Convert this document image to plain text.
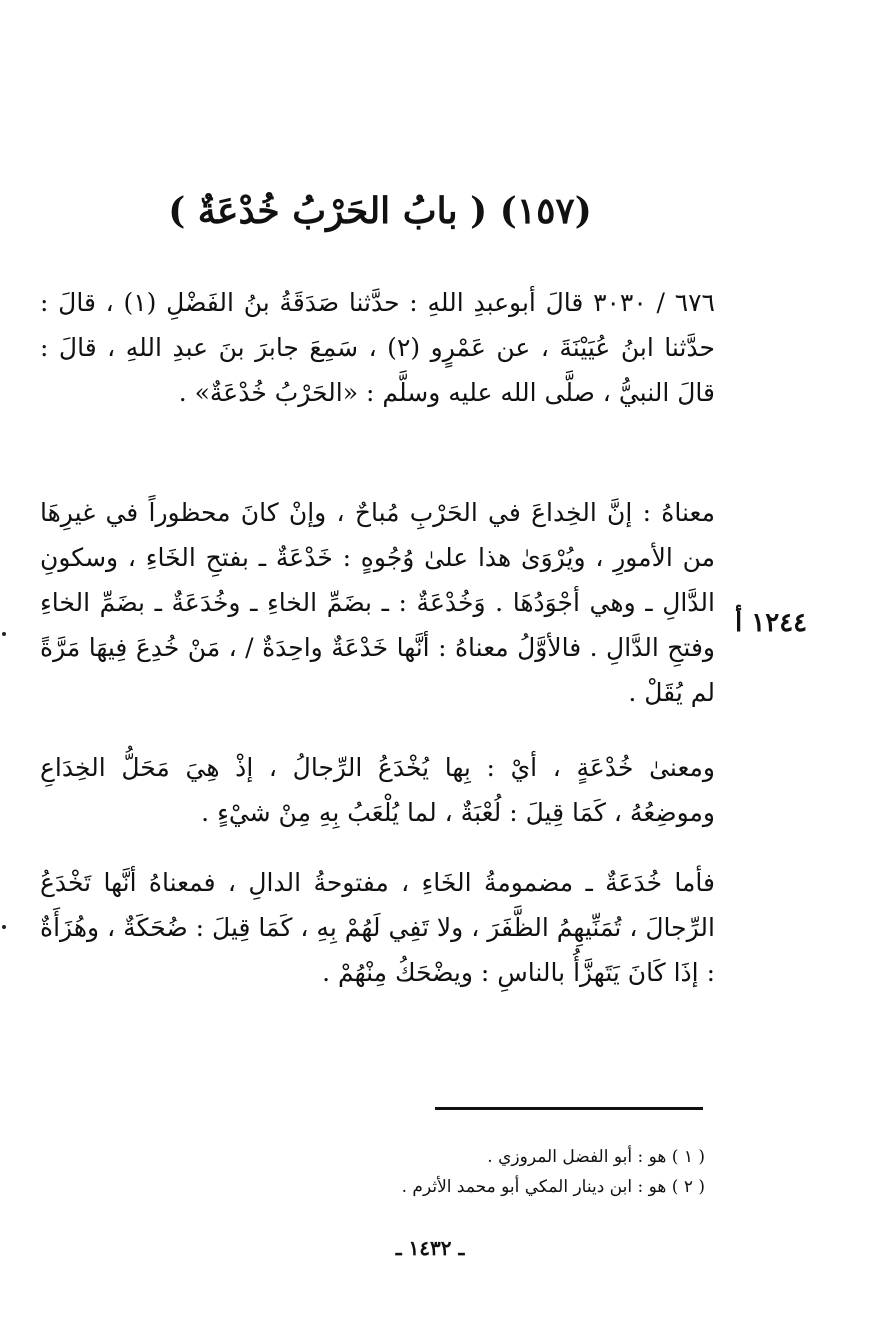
(١٥٧) ( بابُ الحَرْبُ خُدْعَةٌ )

٦٧٦ / ٣٠٣٠ قالَ أبوعبدِ اللهِ : حدَّثنا صَدَقَةُ بنُ الفَضْلِ (١) ، قالَ : حدَّثنا ابنُ عُيَيْنَةَ ، عن عَمْرٍو (٢) ، سَمِعَ جابرَ بنَ عبدِ اللهِ ، قالَ : قالَ النبيُّ ، صلَّى الله عليه وسلَّم : «الحَرْبُ خُدْعَةٌ» .

معناهُ : إنَّ الخِداعَ في الحَرْبِ مُباحٌ ، وإنْ كانَ محظوراً في غيرِهَا من الأمورِ ، ويُرْوَىٰ هذا علىٰ وُجُوهٍ : خَدْعَةٌ ـ بفتحِ الخَاءِ ، وسكونِ الدَّالِ ـ وهي أجْوَدُهَا . وَخُدْعَةٌ : ـ بضَمِّ الخاءِ ـ وخُدَعَةٌ ـ بضَمِّ الخاءِ وفتحِ الدَّالِ . فالأوَّلُ معناهُ : أنَّها خَدْعَةٌ واحِدَةٌ / ، مَنْ خُدِعَ فِيهَا مَرَّةً لم يُقَلْ .

ومعنىٰ خُدْعَةٍ ، أيْ : بِها يُخْدَعُ الرِّجالُ ، إذْ هِيَ مَحَلُّ الخِدَاعِ وموضِعُهُ ، كَمَا قِيلَ : لُعْبَةٌ ، لما يُلْعَبُ بِهِ مِنْ شيْءٍ .

فأما خُدَعَةٌ ـ مضمومةُ الخَاءِ ، مفتوحةُ الدالِ ، فمعناهُ أنَّها تَخْدَعُ الرِّجالَ ، تُمَنِّيهِمُ الظَّفَرَ ، ولا تَفِي لَهُمْ بِهِ ، كَمَا قِيلَ : ضُحَكَةٌ ، وهُزَأَةٌ : إذَا كَانَ يَتَهزَّأُ بالناسِ : ويضْحَكُ مِنْهُمْ .

١٢٤٤ أ
( ١ ) هو : أبو الفضل المروزي .
( ٢ ) هو : ابن دينار المكي أبو محمد الأثرم .
ـ ١٤٣٢ ـ
